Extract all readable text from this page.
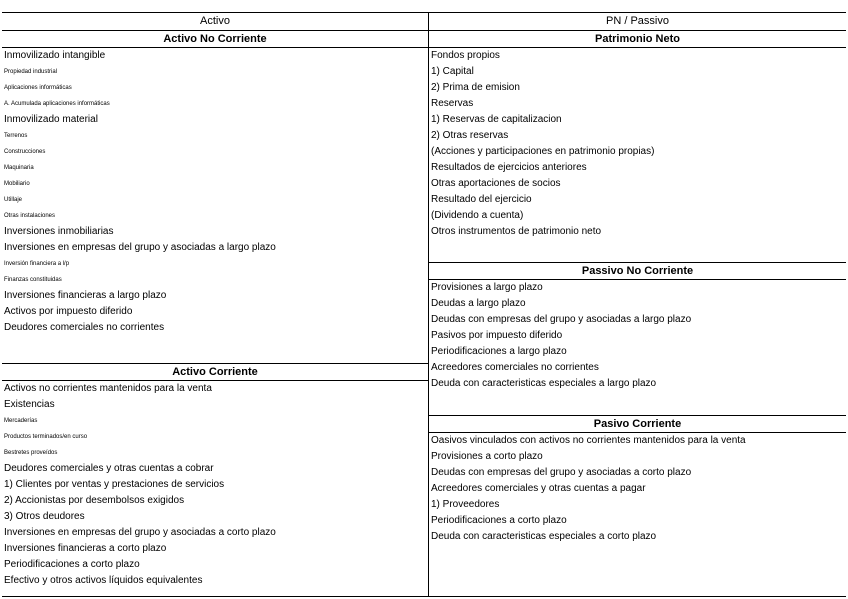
Activo
Activo No Corriente
Inmovilizado intangible
Propiedad industrial
Aplicaciones informáticas
A. Acumulada aplicaciones informáticas
Inmovilizado material
Terrenos
Construcciones
Maquinaria
Mobiliario
Utillaje
Otras instalaciones
Inversiones inmobiliarias
Inversiones en empresas del grupo y asociadas a largo plazo
Inversión financiera a l/p
Finanzas constituidas
Inversiones financieras a largo plazo
Activos por impuesto diferido
Deudores comerciales no corrientes
Activo Corriente
Activos no corrientes mantenidos para la venta
Existencias
Mercaderías
Productos terminados/en curso
Bestretes proveídos
Deudores comerciales y otras cuentas a cobrar
1) Clientes por ventas y prestaciones de servicios
2) Accionistas por desembolsos exigidos
3) Otros deudores
Inversiones en empresas del grupo y asociadas a corto plazo
Inversiones financieras a corto plazo
Periodificaciones a corto plazo
Efectivo y otros activos líquidos equivalentes
PN / Passivo
Patrimonio Neto
Fondos propios
1) Capital
2) Prima de emision
Reservas
1) Reservas de capitalizacion
2) Otras reservas
(Acciones y participaciones en patrimonio propias)
Resultados de ejercicios anteriores
Otras aportaciones de socios
Resultado del ejercicio
(Dividendo a cuenta)
Otros instrumentos de patrimonio neto
Passivo No Corriente
Provisiones a largo plazo
Deudas a largo plazo
Deudas con empresas del grupo y asociadas a largo plazo
Pasivos por impuesto diferido
Periodificaciones a largo plazo
Acreedores comerciales no corrientes
Deuda con caracteristicas especiales a largo plazo
Pasivo Corriente
Oasivos vinculados con activos no corrientes mantenidos para la venta
Provisiones a corto plazo
Deudas con empresas del grupo y asociadas a corto plazo
Acreedores comerciales y otras cuentas a pagar
1) Proveedores
Periodificaciones a corto plazo
Deuda con caracteristicas especiales a corto plazo
